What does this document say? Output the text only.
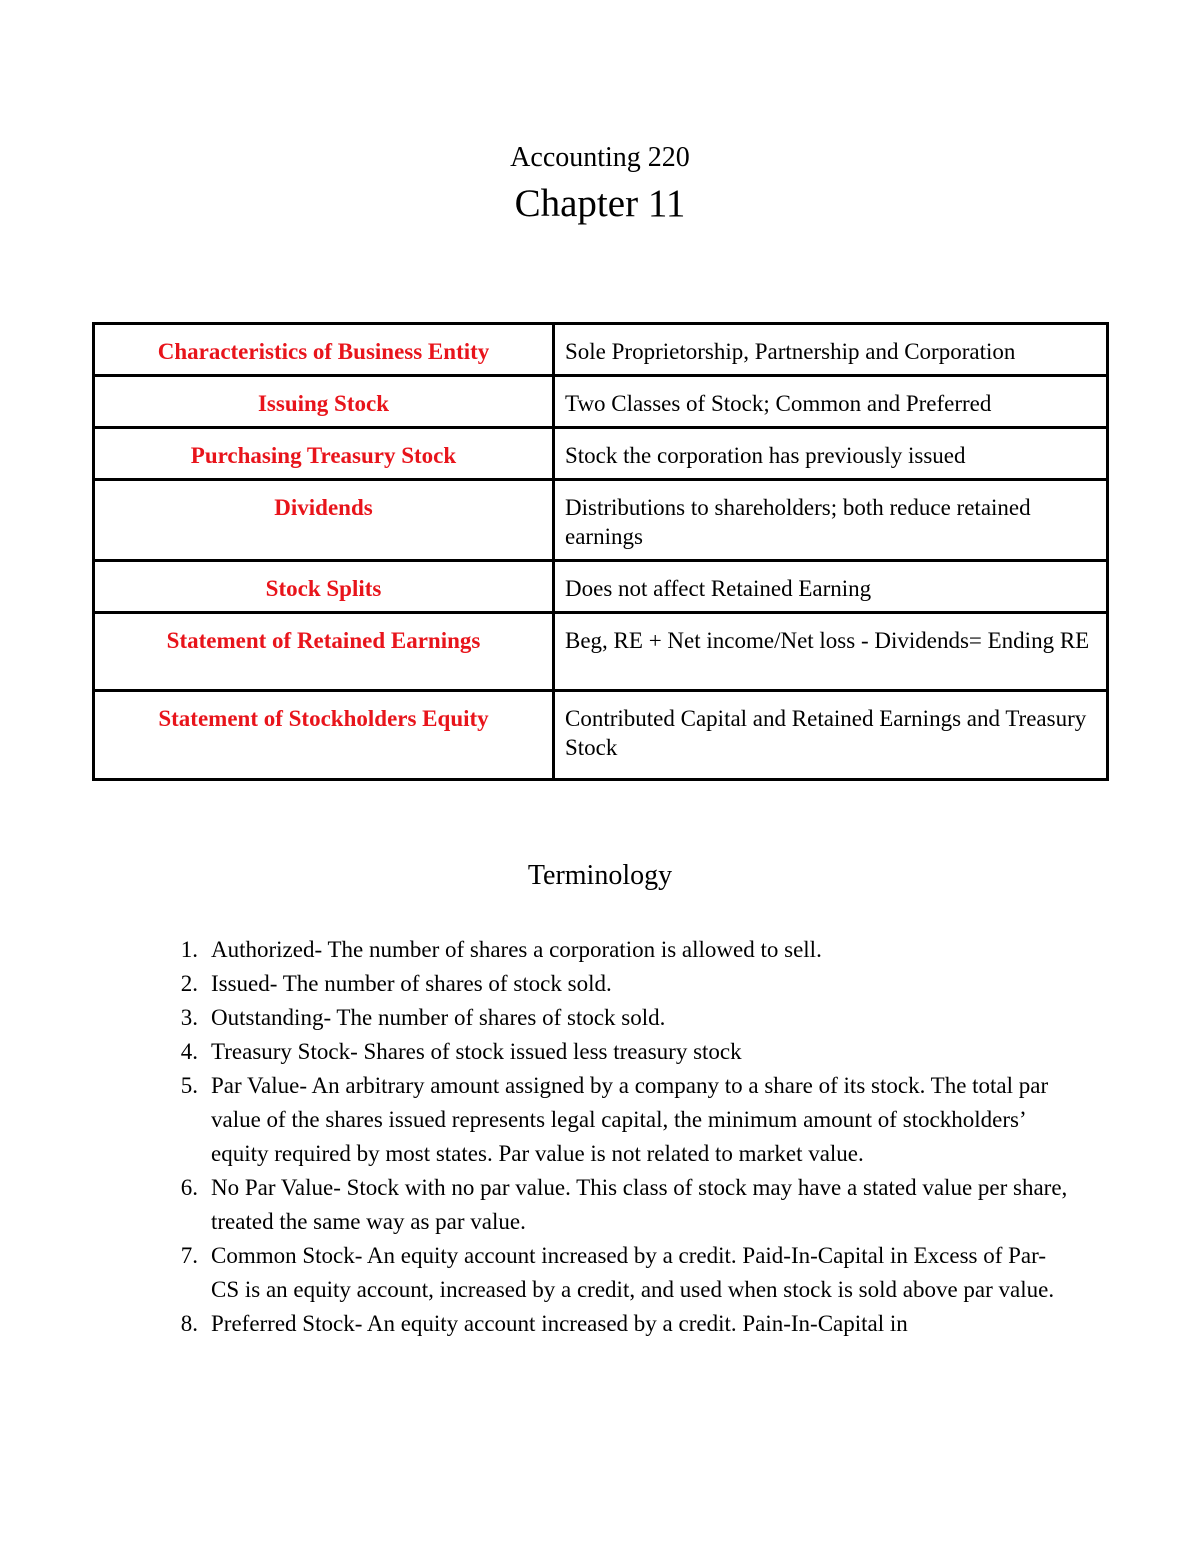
Accounting 220
Chapter 11
Characteristics of Business Entity	Sole Proprietorship, Partnership and Corporation

Issuing Stock	Two Classes of Stock; Common and Preferred

Purchasing Treasury Stock	Stock the corporation has previously issued

Dividends	Distributions to shareholders; both reduce retained earnings

Stock Splits	Does not affect Retained Earning

Statement of Retained Earnings	Beg, RE + Net income/Net loss - Dividends= Ending RE

Statement of Stockholders Equity	Contributed Capital and Retained Earnings and Treasury Stock
Terminology
1. Authorized- The number of shares a corporation is allowed to sell.
2. Issued- The number of shares of stock sold.
3. Outstanding- The number of shares of stock sold.
4. Treasury Stock- Shares of stock issued less treasury stock
5. Par Value- An arbitrary amount assigned by a company to a share of its stock. The total par value of the shares issued represents legal capital, the minimum amount of stockholders’ equity required by most states. Par value is not related to market value.
6. No Par Value- Stock with no par value. This class of stock may have a stated value per share, treated the same way as par value.
7. Common Stock- An equity account increased by a credit. Paid-In-Capital in Excess of Par- CS is an equity account, increased by a credit, and used when stock is sold above par value.
8. Preferred Stock- An equity account increased by a credit. Pain-In-Capital in
